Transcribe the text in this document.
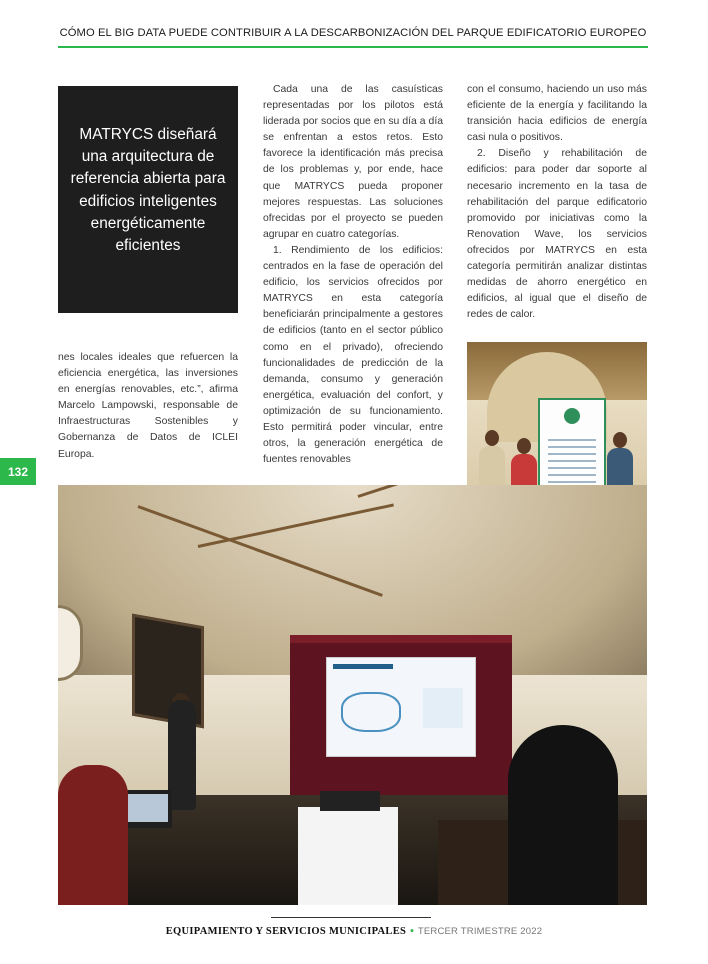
CÓMO EL BIG DATA PUEDE CONTRIBUIR A LA DESCARBONIZACIÓN DEL PARQUE EDIFICATORIO EUROPEO
MATRYCS diseñará una arquitectura de referencia abierta para edificios inteligentes energéticamente eficientes

nes locales ideales que refuercen la eficiencia energética, las inversiones en energías renovables, etc.”, afirma Marcelo Lampowski, responsable de Infraestructuras Sostenibles y Gobernanza de Datos de ICLEI Europa.

Cada una de las casuísticas representadas por los pilotos está liderada por socios que en su día a día se enfrentan a estos retos. Esto favorece la identificación más precisa de los problemas y, por ende, hace que MATRYCS pueda proponer mejores respuestas. Las soluciones ofrecidas por el proyecto se pueden agrupar en cuatro categorías.

1. Rendimiento de los edificios: centrados en la fase de operación del edificio, los servicios ofrecidos por MATRYCS en esta categoría beneficiarán principalmente a gestores de edificios (tanto en el sector público como en el privado), ofreciendo funcionalidades de predicción de la demanda, consumo y generación energética, evaluación del confort, y optimización de su funcionamiento. Esto permitirá poder vincular, entre otros, la generación energética de fuentes renovables

con el consumo, haciendo un uso más eficiente de la energía y facilitando la transición hacia edificios de energía casi nula o positivos.

2. Diseño y rehabilitación de edificios: para poder dar soporte al necesario incremento en la tasa de rehabilitación del parque edificatorio promovido por iniciativas como la Renovation Wave, los servicios ofrecidos por MATRYCS en esta categoría permitirán analizar distintas medidas de ahorro energético en edificios, al igual que el diseño de redes de calor.

132
EQUIPAMIENTO Y SERVICIOS MUNICIPALES • TERCER TRIMESTRE 2022
